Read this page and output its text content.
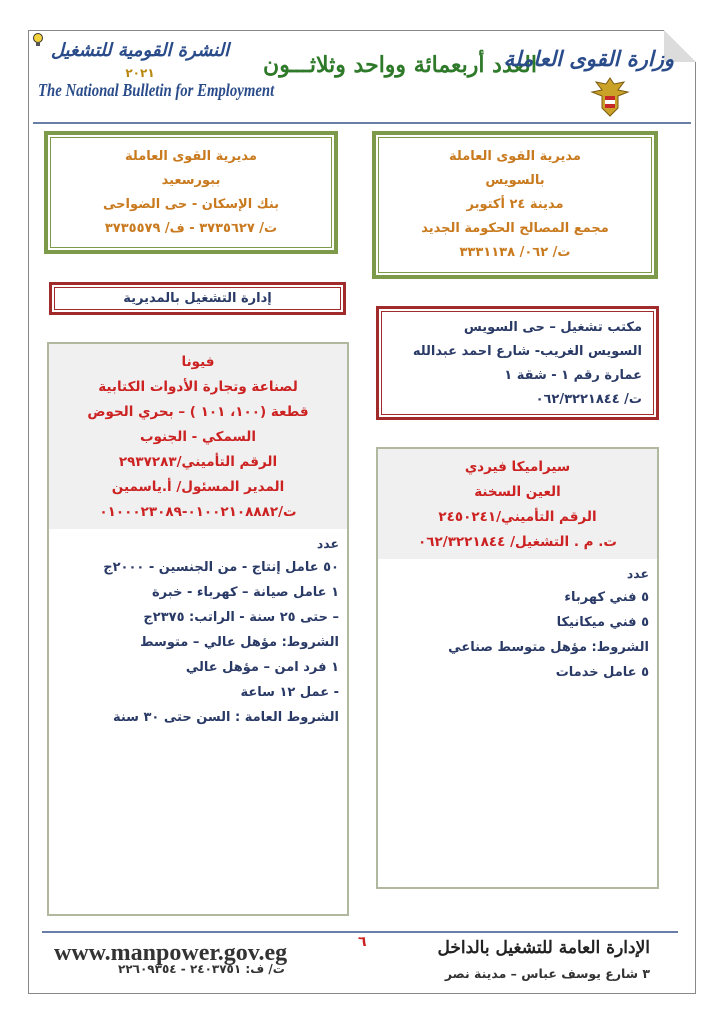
النشرة القومية للتشغيل
٢٠٢١
The National Bulletin for Employment
العدد أربعمائة وواحد وثلاثـــون
وزارة القوى العاملة
مديرية القوى العاملة
بالسويس
مدينة ٢٤ أكتوبر
مجمع المصالح الحكومة الجديد
ت/ ٠٦٢/ ٣٣٣١١٣٨
مديرية القوى العاملة
ببورسعيد
بنك الإسكان - حى الضواحى
ت/ ٣٧٣٥٦٢٧ - ف/ ٣٧٣٥٥٧٩
إدارة التشغيل بالمديرية
مكتب تشغيل – حى السويس
السويس الغريب- شارع احمد عبدالله
عمارة رقم ١ - شقة ١
ت/ ٠٦٢/٣٢٢١٨٤٤
فيونا
لصناعة وتجارة الأدوات الكتابية
قطعة (١٠٠، ١٠١ ) – بحري الحوض
السمكي - الجنوب
الرقم التأميني/٢٩٣٧٢٨٣
المدير المسئول/ أ.ياسمين
ت/٠١٠٠٢١٠٨٨٨٢-٠١٠٠٠٢٣٠٨٩
عدد
٥٠ عامل إنتاج - من الجنسين - ٢٠٠٠ج
١ عامل صيانة – كهرباء - خبرة
– حتى ٢٥ سنة - الراتب: ٢٣٧٥ج
الشروط: مؤهل عالي – متوسط
١ فرد امن – مؤهل عالي
- عمل ١٢ ساعة
الشروط العامة : السن حتى ٣٠ سنة
سيراميكا فيردي
العين السخنة
الرقم التأميني/٢٤٥٠٢٤١
ت. م . التشغيل/ ٠٦٢/٣٢٢١٨٤٤
عدد
٥ فني كهرباء
٥ فني ميكانيكا
الشروط: مؤهل متوسط صناعي
٥ عامل خدمات
www.manpower.gov.eg	٦	الإدارة العامة للتشغيل بالداخل
٣ شارع يوسف عباس – مدينة نصر
ت/ ف: ٢٤٠٣٧٥١ - ٢٢٦٠٩٣٥٤
